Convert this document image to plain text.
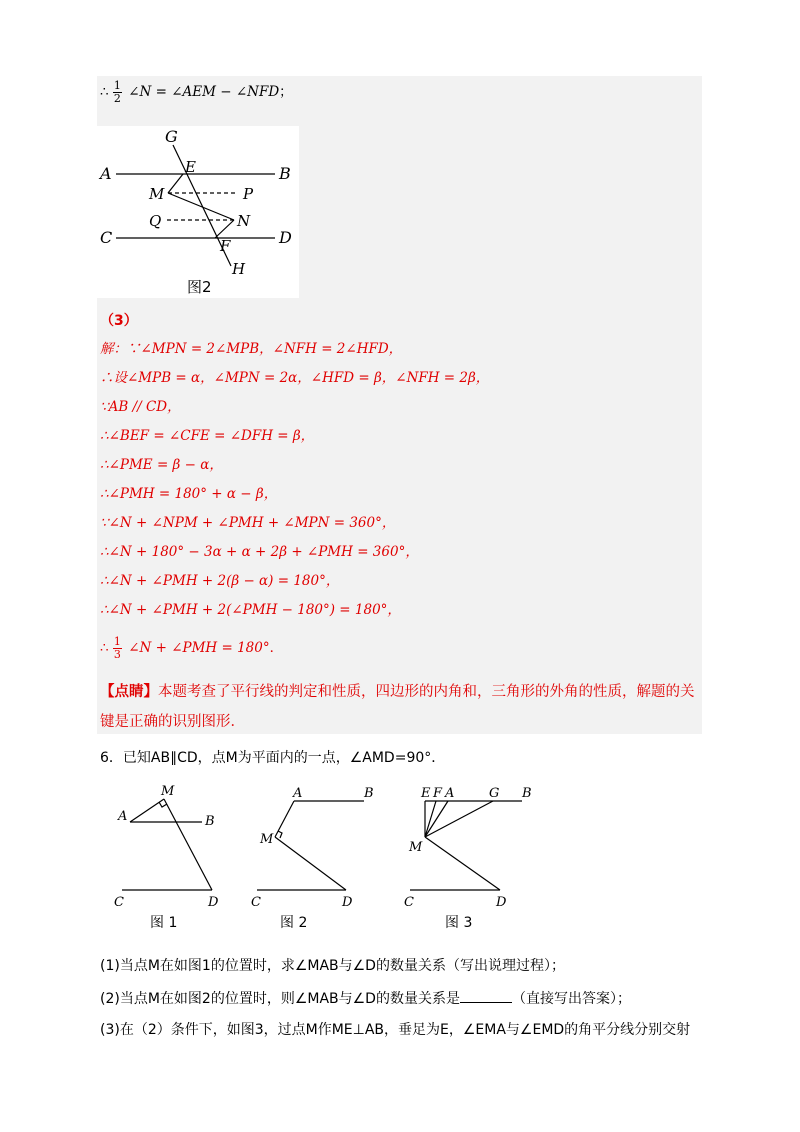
∴ $\frac{1}{2}$ ∠N = ∠AEM − ∠NFD；
G
A	E	B
M	P
Q	N
C	D
F
H
图2
（3）
解：∵∠MPN = 2∠MPB，∠NFH = 2∠HFD，
∴设∠MPB = α，∠MPN = 2α，∠HFD = β，∠NFH = 2β，
∵AB // CD，
∴∠BEF = ∠CFE = ∠DFH = β，
∴∠PME = β − α，
∴∠PMH = 180° + α − β，
∵∠N + ∠NPM + ∠PMH + ∠MPN = 360°，
∴∠N + 180° − 3α + α + 2β + ∠PMH = 360°，
∴∠N + ∠PMH + 2(β − α) = 180°，
∴∠N + ∠PMH + 2(∠PMH − 180°) = 180°，
∴ $\frac{1}{3}$ ∠N + ∠PMH = 180°．
【点睛】本题考查了平行线的判定和性质，四边形的内角和，三角形的外角的性质，解题的关键是正确的识别图形．
6．已知AB∥CD，点M为平面内的一点，∠AMD=90°．
M
A	B
C	D
图 1
A	B
M
C	D
图 2
E F A	G B
M
C	D
图 3
(1)当点M在如图1的位置时，求∠MAB与∠D的数量关系（写出说理过程）；
(2)当点M在如图2的位置时，则∠MAB与∠D的数量关系是	（直接写出答案）；
(3)在（2）条件下，如图3，过点M作ME⊥AB，垂足为E，∠EMA与∠EMD的角平分线分别交射
